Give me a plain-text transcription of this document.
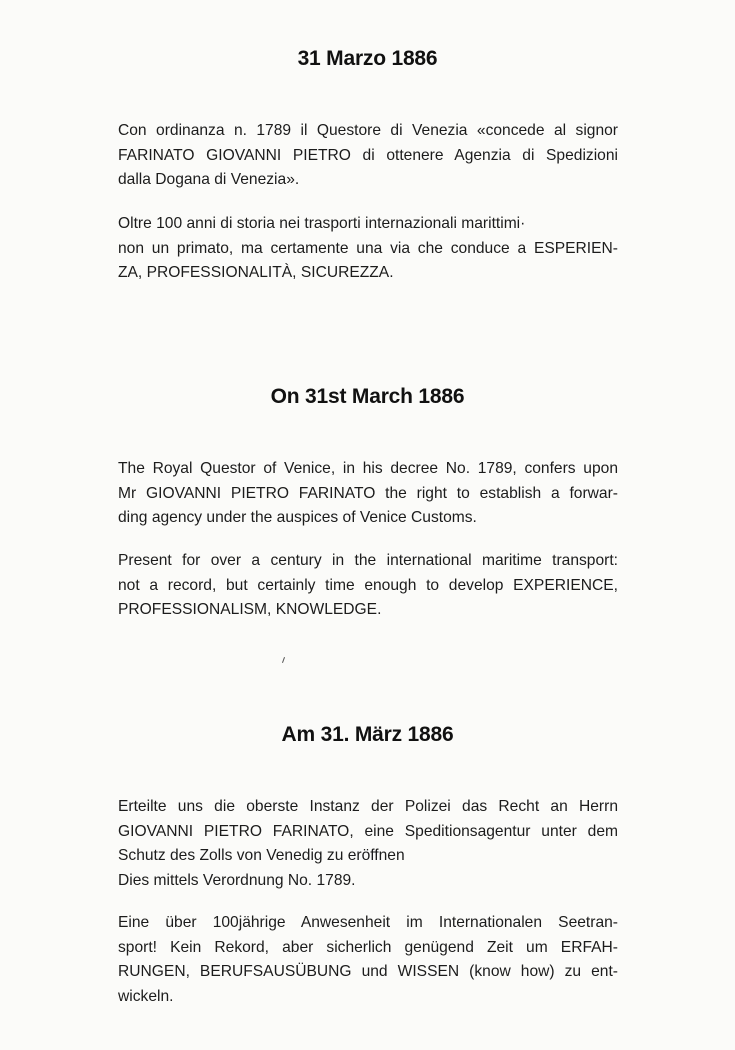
31 Marzo 1886
Con ordinanza n. 1789 il Questore di Venezia «concede al signor
FARINATO GIOVANNI PIETRO di ottenere Agenzia di Spedizioni
dalla Dogana di Venezia».
Oltre 100 anni di storia nei trasporti internazionali marittimi·
non un primato, ma certamente una via che conduce a ESPERIEN-
ZA, PROFESSIONALITÀ, SICUREZZA.
On 31st March 1886
The Royal Questor of Venice, in his decree No. 1789, confers upon
Mr GIOVANNI PIETRO FARINATO the right to establish a forwar-
ding agency under the auspices of Venice Customs.
Present for over a century in the international maritime transport:
not a record, but certainly time enough to develop EXPERIENCE,
PROFESSIONALISM, KNOWLEDGE.
Am 31. März 1886
Erteilte uns die oberste Instanz der Polizei das Recht an Herrn
GIOVANNI PIETRO FARINATO, eine Speditionsagentur unter dem
Schutz des Zolls von Venedig zu eröffnen
Dies mittels Verordnung No. 1789.
Eine über 100jährige Anwesenheit im Internationalen Seetran-
sport! Kein Rekord, aber sicherlich genügend Zeit um ERFAH-
RUNGEN, BERUFSAUSÜBUNG und WISSEN (know how) zu ent-
wickeln.
